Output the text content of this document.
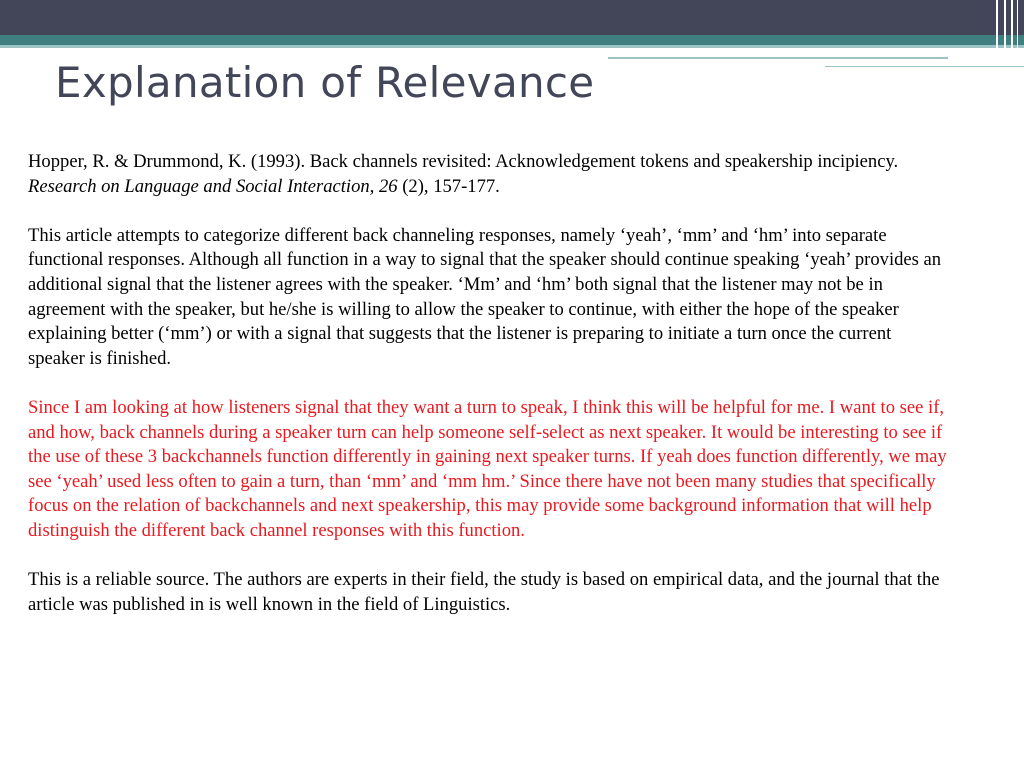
Explanation of Relevance

Hopper, R. & Drummond, K. (1993). Back channels revisited: Acknowledgement tokens and speakership incipiency. Research on Language and Social Interaction, 26 (2), 157-177.

This article attempts to categorize different back channeling responses, namely ‘yeah’, ‘mm’ and ‘hm’ into separate functional responses. Although all function in a way to signal that the speaker should continue speaking ‘yeah’ provides an additional signal that the listener agrees with the speaker. ‘Mm’ and ‘hm’ both signal that the listener may not be in agreement with the speaker, but he/she is willing to allow the speaker to continue, with either the hope of the speaker explaining better (‘mm’) or with a signal that suggests that the listener is preparing to initiate a turn once the current speaker is finished.

Since I am looking at how listeners signal that they want a turn to speak, I think this will be helpful for me. I want to see if, and how, back channels during a speaker turn can help someone self-select as next speaker. It would be interesting to see if the use of these 3 backchannels function differently in gaining next speaker turns. If yeah does function differently, we may see ‘yeah’ used less often to gain a turn, than ‘mm’ and ‘mm hm.’ Since there have not been many studies that specifically focus on the relation of backchannels and next speakership, this may provide some background information that will help distinguish the different back channel responses with this function.

This is a reliable source. The authors are experts in their field, the study is based on empirical data, and the journal that the article was published in is well known in the field of Linguistics.
